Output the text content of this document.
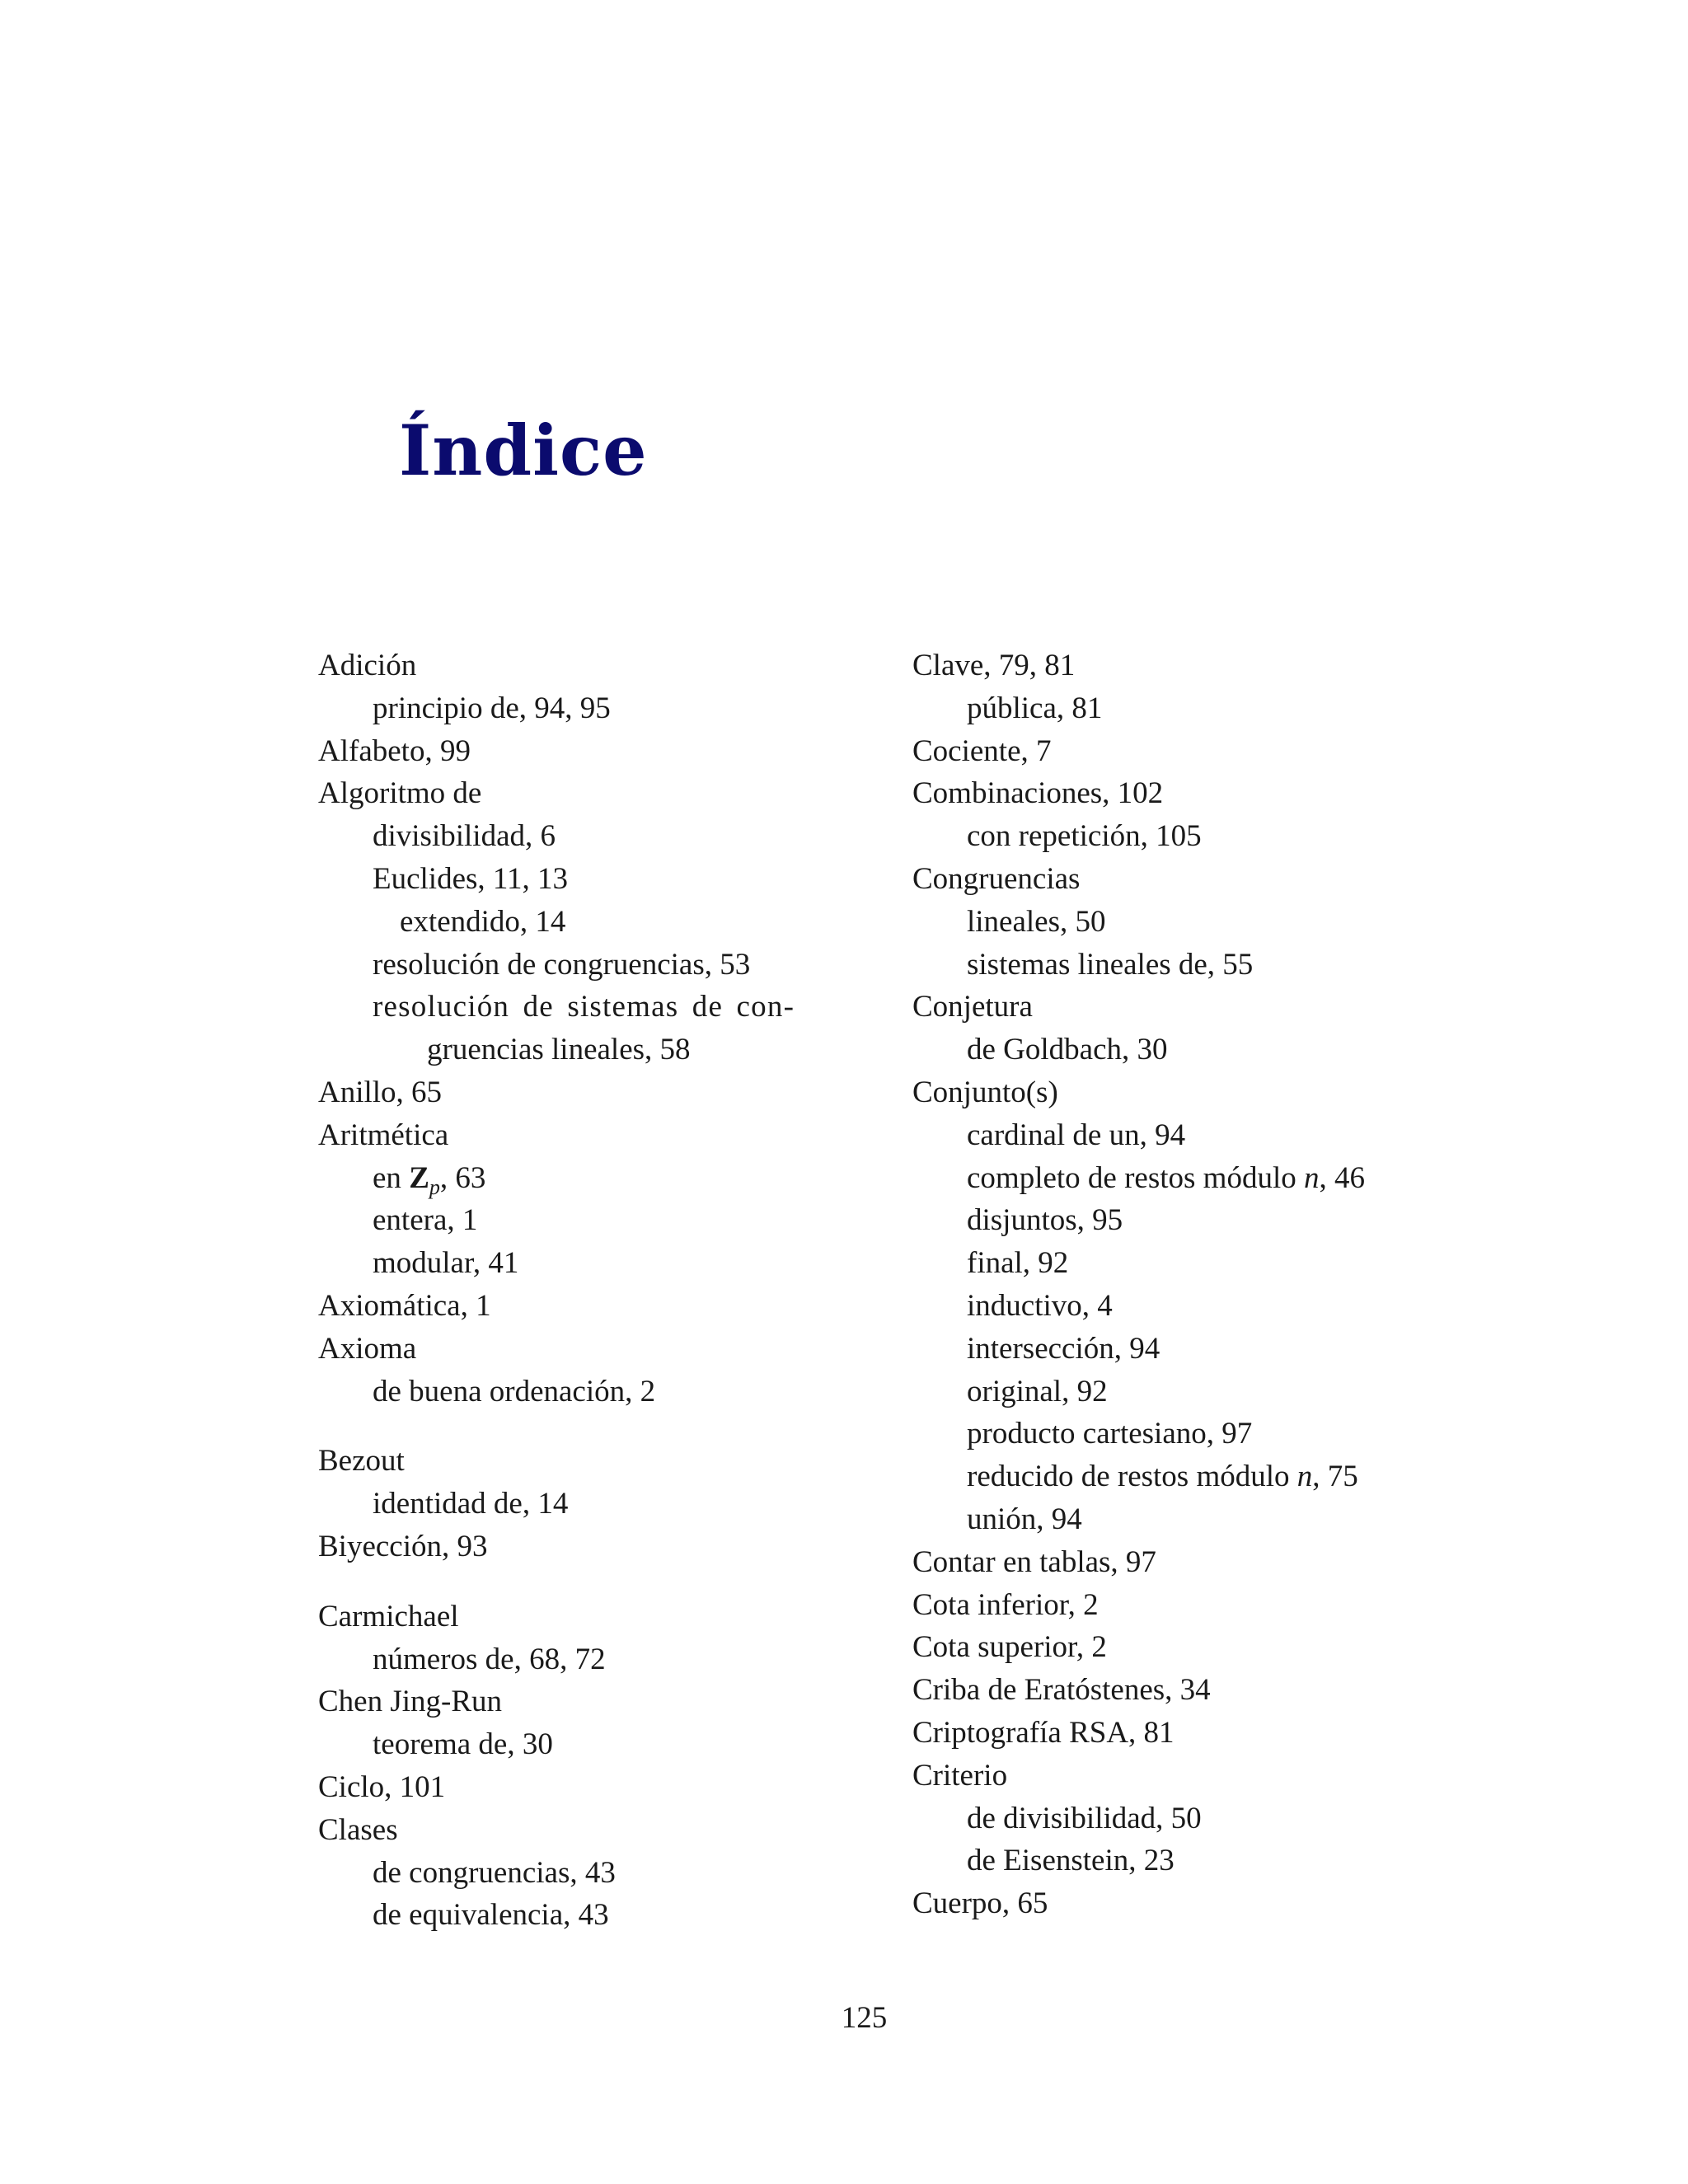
Índice
Adición
principio de, 94, 95
Alfabeto, 99
Algoritmo de
divisibilidad, 6
Euclides, 11, 13
extendido, 14
resolución de congruencias, 53
resolución de sistemas de con-
gruencias lineales, 58
Anillo, 65
Aritmética
en $Z_p$, 63
entera, 1
modular, 41
Axiomática, 1
Axioma
de buena ordenación, 2
Bezout
identidad de, 14
Biyección, 93
Carmichael
números de, 68, 72
Chen Jing-Run
teorema de, 30
Ciclo, 101
Clases
de congruencias, 43
de equivalencia, 43
Clave, 79, 81
pública, 81
Cociente, 7
Combinaciones, 102
con repetición, 105
Congruencias
lineales, 50
sistemas lineales de, 55
Conjetura
de Goldbach, 30
Conjunto(s)
cardinal de un, 94
completo de restos módulo n, 46
disjuntos, 95
final, 92
inductivo, 4
intersección, 94
original, 92
producto cartesiano, 97
reducido de restos módulo n, 75
unión, 94
Contar en tablas, 97
Cota inferior, 2
Cota superior, 2
Criba de Eratóstenes, 34
Criptografía RSA, 81
Criterio
de divisibilidad, 50
de Eisenstein, 23
Cuerpo, 65
125
